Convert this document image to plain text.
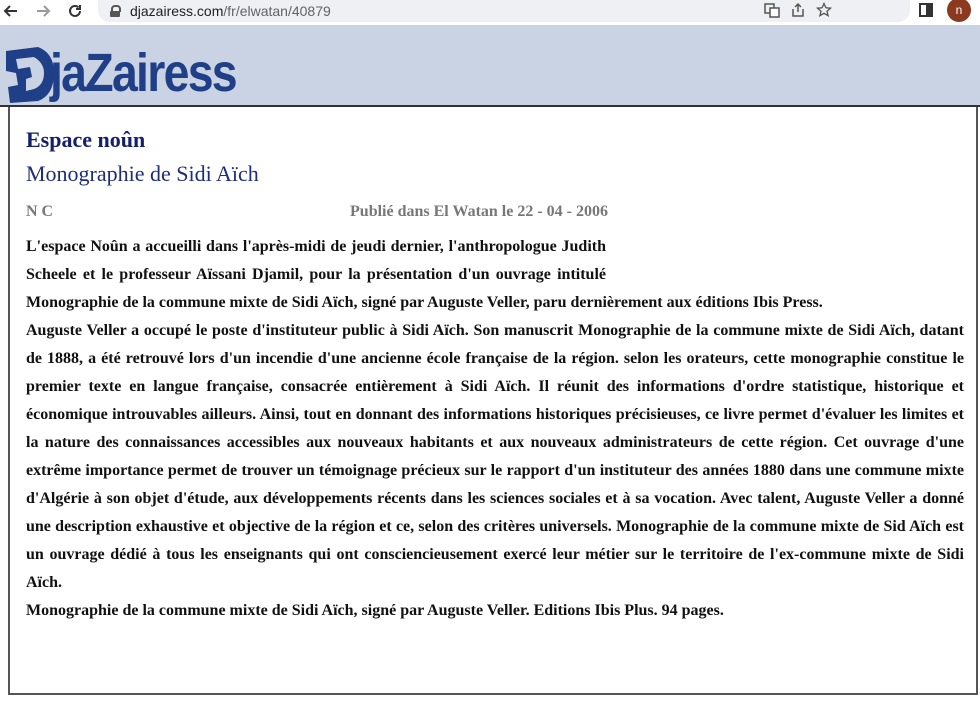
djazairess.com/fr/elwatan/40879	n
jaZairess
Espace noûn
Monographie de Sidi Aïch
N C	Publié dans El Watan le 22 - 04 - 2006

L'espace Noûn a accueilli dans l'après-midi de jeudi dernier, l'anthropologue Judith Scheele et le professeur Aïssani Djamil, pour la présentation d'un ouvrage intitulé Monographie de la commune mixte de Sidi Aïch, signé par Auguste Veller, paru dernièrement aux éditions Ibis Press.

Auguste Veller a occupé le poste d'instituteur public à Sidi Aïch. Son manuscrit Monographie de la commune mixte de Sidi Aïch, datant de 1888, a été retrouvé lors d'un incendie d'une ancienne école française de la région. selon les orateurs, cette monographie constitue le premier texte en langue française, consacrée entièrement à Sidi Aïch. Il réunit des informations d'ordre statistique, historique et économique introuvables ailleurs. Ainsi, tout en donnant des informations historiques précisieuses, ce livre permet d'évaluer les limites et la nature des connaissances accessibles aux nouveaux habitants et aux nouveaux administrateurs de cette région. Cet ouvrage d'une extrême importance permet de trouver un témoignage précieux sur le rapport d'un instituteur des années 1880 dans une commune mixte d'Algérie à son objet d'étude, aux développements récents dans les sciences sociales et à sa vocation. Avec talent, Auguste Veller a donné une description exhaustive et objective de la région et ce, selon des critères universels. Monographie de la commune mixte de Sid Aïch est un ouvrage dédié à tous les enseignants qui ont consciencieusement exercé leur métier sur le territoire de l'ex-commune mixte de Sidi Aïch.

Monographie de la commune mixte de Sidi Aïch, signé par Auguste Veller. Editions Ibis Plus. 94 pages.
